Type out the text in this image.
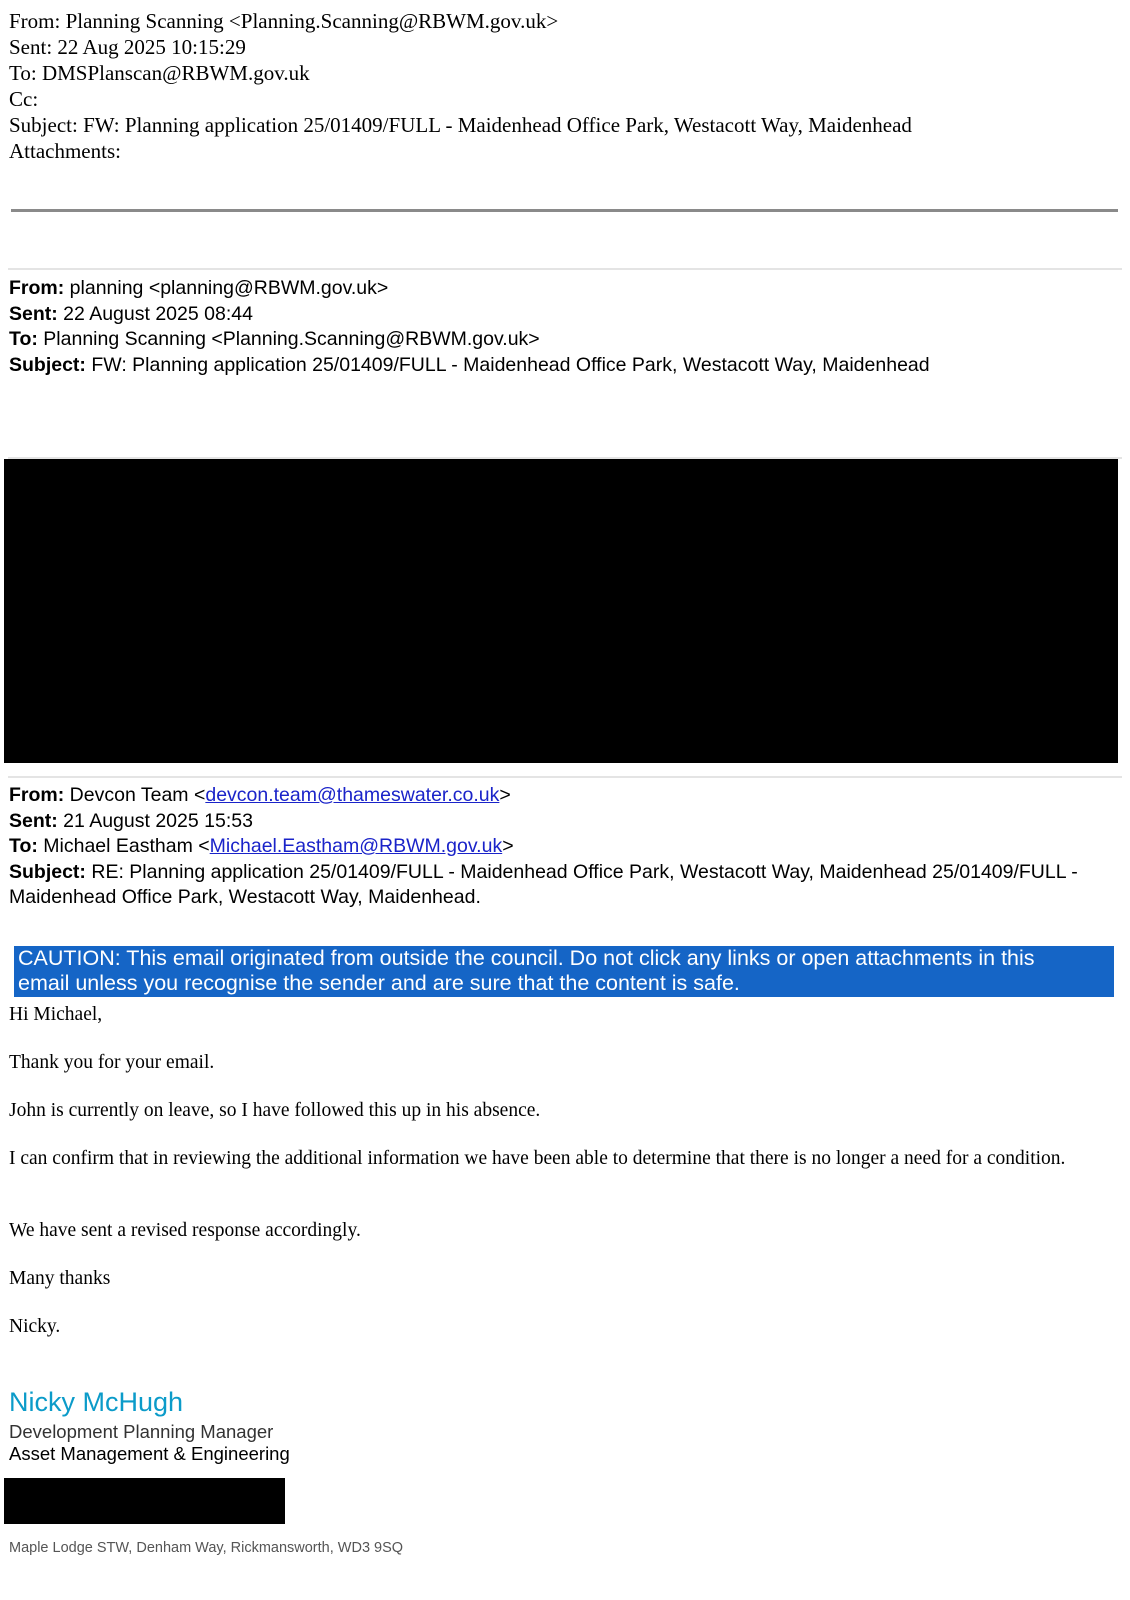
From: Planning Scanning <Planning.Scanning@RBWM.gov.uk>
Sent: 22 Aug 2025 10:15:29
To: DMSPlanscan@RBWM.gov.uk
Cc:
Subject: FW: Planning application 25/01409/FULL - Maidenhead Office Park, Westacott Way, Maidenhead
Attachments:
From: planning <planning@RBWM.gov.uk>
Sent: 22 August 2025 08:44
To: Planning Scanning <Planning.Scanning@RBWM.gov.uk>
Subject: FW: Planning application 25/01409/FULL - Maidenhead Office Park, Westacott Way, Maidenhead
From: Devcon Team <devcon.team@thameswater.co.uk>
Sent: 21 August 2025 15:53
To: Michael Eastham <Michael.Eastham@RBWM.gov.uk>
Subject: RE: Planning application 25/01409/FULL - Maidenhead Office Park, Westacott Way, Maidenhead 25/01409/FULL -
Maidenhead Office Park, Westacott Way, Maidenhead.
CAUTION: This email originated from outside the council. Do not click any links or open attachments in this
email unless you recognise the sender and are sure that the content is safe.

Hi Michael,

Thank you for your email.

John is currently on leave, so I have followed this up in his absence.

I can confirm that in reviewing the additional information we have been able to determine that there is no longer a need for a condition.

We have sent a revised response accordingly.

Many thanks

Nicky.

Nicky McHugh
Development Planning Manager
Asset Management & Engineering
Maple Lodge STW, Denham Way, Rickmansworth, WD3 9SQ
